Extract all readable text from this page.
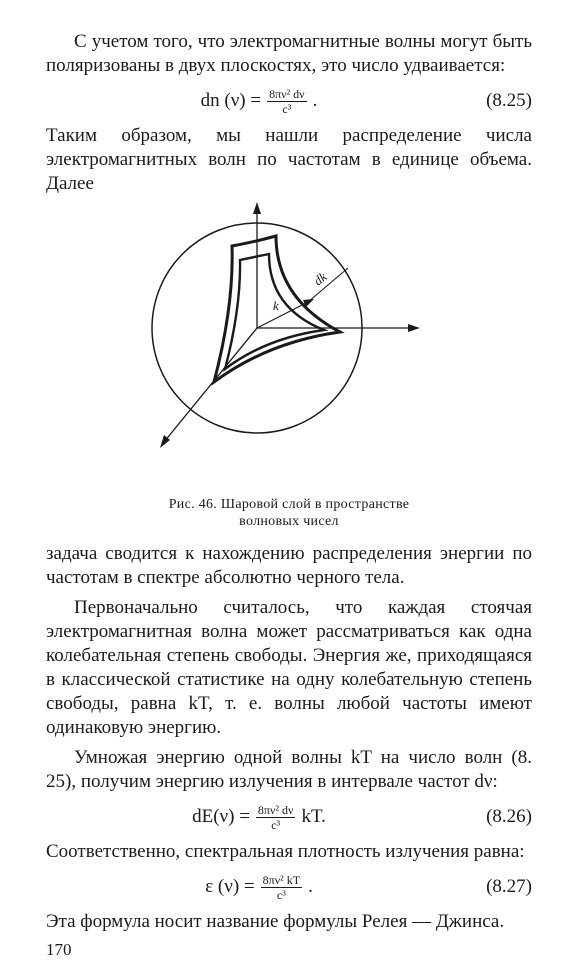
С учетом того, что электромагнитные волны могут быть поляризованы в двух плоскостях, это число удваивается:

dn $(\nu) = \frac{\text{8πν² dν}}{\text{c³}}$ .	(8.25)

Таким образом, мы нашли распределение числа электромагнитных волн по частотам в единице объема. Далее

k
dk
Рис. 46. Шаровой слой в пространстве
волновых чисел

задача сводится к нахождению распределения энергии по частотам в спектре абсолютно черного тела.

Первоначально считалось, что каждая стоячая электромагнитная волна может рассматриваться как одна колебательная степень свободы. Энергия же, приходящаяся в классической статистике на одну колебательную степень свободы, равна kT, т. е. волны любой частоты имеют одинаковую энергию.

Умножая энергию одной волны kT на число волн (8. 25), получим энергию излучения в интервале частот dν:

$dE(\nu) = \frac{\text{8πν² dν}}{\text{c³}}$ kT.	(8.26)

Соответственно, спектральная плотность излучения равна:

ε $(\nu) = \frac{\text{8πν² kT}}{\text{c³}}$ .	(8.27)

Эта формула носит название формулы Релея — Джинса.

170
